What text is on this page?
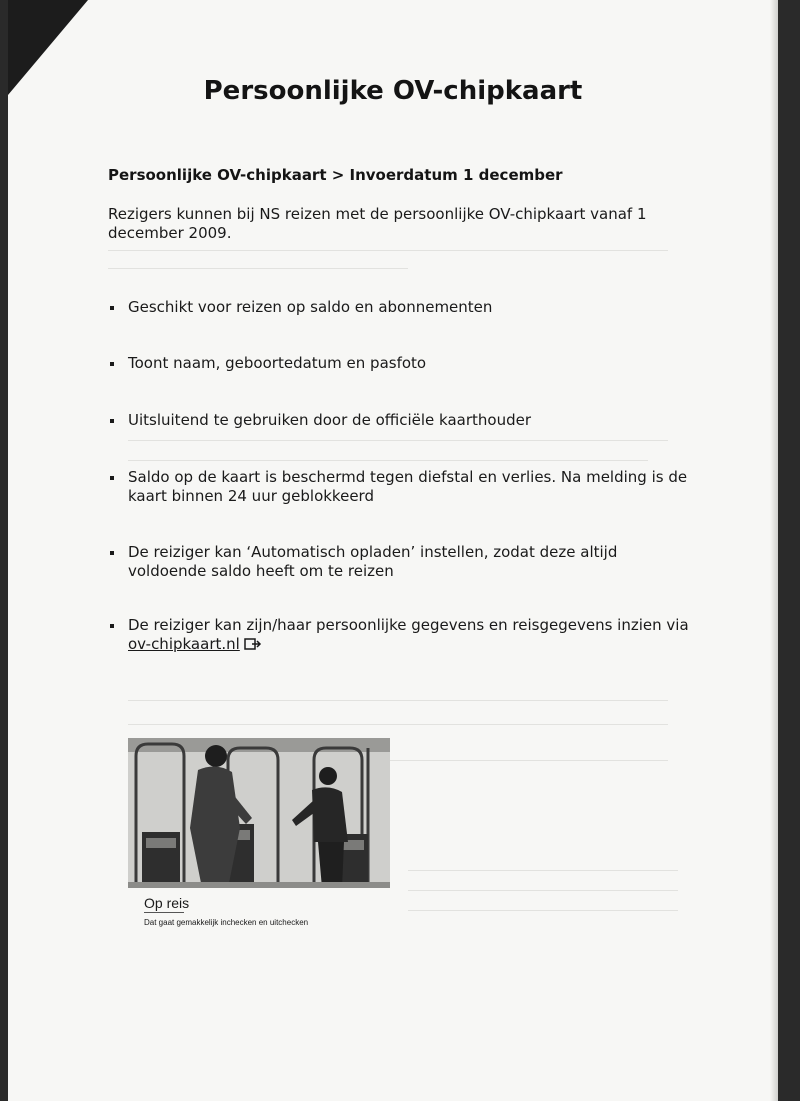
Persoonlijke OV-chipkaart
Persoonlijke OV-chipkaart > Invoerdatum 1 december

Rezigers kunnen bij NS reizen met de persoonlijke OV-chipkaart vanaf 1 december 2009.

Geschikt voor reizen op saldo en abonnementen
Toont naam, geboortedatum en pasfoto
Uitsluitend te gebruiken door de officiële kaarthouder
Saldo op de kaart is beschermd tegen diefstal en verlies. Na melding is de kaart binnen 24 uur geblokkeerd
De reiziger kan ‘Automatisch opladen’ instellen, zodat deze altijd voldoende saldo heeft om te reizen
De reiziger kan zijn/haar persoonlijke gegevens en reisgegevens inzien via ov-chipkaart.nl
Op reis
Dat gaat gemakkelijk inchecken en uitchecken
